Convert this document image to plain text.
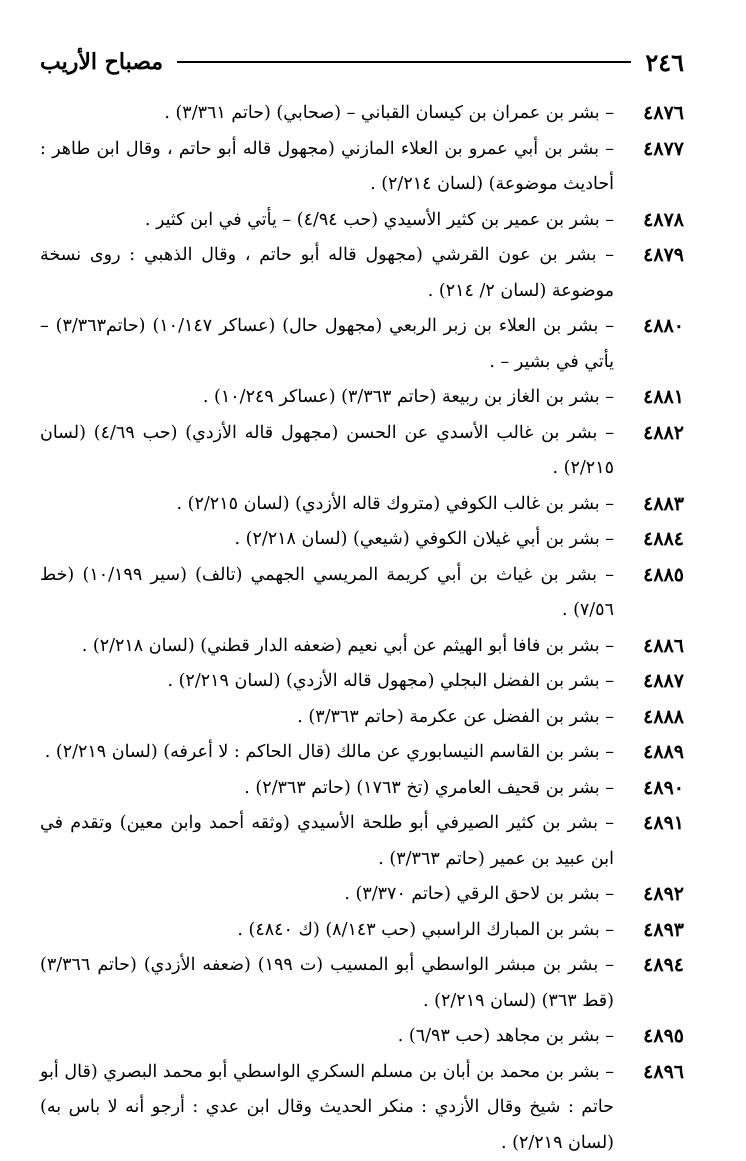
٢٤٦
مصباح الأريب
٤٨٧٦
– بشر بن عمران بن كيسان القباني – (صحابي) (حاتم ٣/٣٦١) .
٤٨٧٧
– بشر بن أبي عمرو بن العلاء المازني (مجهول قاله أبو حاتم ، وقال ابن طاهر : أحاديث موضوعة) (لسان ٢/٢١٤) .
٤٨٧٨
– بشر بن عمير بن كثير الأسيدي (حب ٤/٩٤) – يأتي في ابن كثير .
٤٨٧٩
– بشر بن عون القرشي (مجهول قاله أبو حاتم ، وقال الذهبي : روى نسخة موضوعة (لسان ٢/ ٢١٤) .
٤٨٨٠
– بشر بن العلاء بن زبر الربعي (مجهول حال) (عساكر ١٠/١٤٧) (حاتم٣/٣٦٣) – يأتي في بشير – .
٤٨٨١
– بشر بن الغاز بن ربيعة (حاتم ٣/٣٦٣) (عساكر ١٠/٢٤٩) .
٤٨٨٢
– بشر بن غالب الأسدي عن الحسن (مجهول قاله الأزدي) (حب ٤/٦٩) (لسان ٢/٢١٥) .
٤٨٨٣
– بشر بن غالب الكوفي (متروك قاله الأزدي) (لسان ٢/٢١٥) .
٤٨٨٤
– بشر بن أبي غيلان الكوفي (شيعي) (لسان ٢/٢١٨) .
٤٨٨٥
– بشر بن غياث بن أبي كريمة المريسي الجهمي (تالف) (سير ١٠/١٩٩) (خط ٧/٥٦) .
٤٨٨٦
– بشر بن فافا أبو الهيثم عن أبي نعيم (ضعفه الدار قطني) (لسان ٢/٢١٨) .
٤٨٨٧
– بشر بن الفضل البجلي (مجهول قاله الأزدي) (لسان ٢/٢١٩) .
٤٨٨٨
– بشر بن الفضل عن عكرمة (حاتم ٣/٣٦٣) .
٤٨٨٩
– بشر بن القاسم النيسابوري عن مالك (قال الحاكم : لا أعرفه) (لسان ٢/٢١٩) .
٤٨٩٠
– بشر بن قحيف العامري (تخ ١٧٦٣) (حاتم ٢/٣٦٣) .
٤٨٩١
– بشر بن كثير الصيرفي أبو طلحة الأسيدي (وثقه أحمد وابن معين) وتقدم في ابن عبيد بن عمير (حاتم ٣/٣٦٣) .
٤٨٩٢
– بشر بن لاحق الرقي (حاتم ٣/٣٧٠) .
٤٨٩٣
– بشر بن المبارك الراسبي (حب ٨/١٤٣) (ك ٤٨٤٠) .
٤٨٩٤
– بشر بن مبشر الواسطي أبو المسيب (ت ١٩٩) (ضعفه الأزدي) (حاتم ٣/٣٦٦) (قط ٣٦٣) (لسان ٢/٢١٩) .
٤٨٩٥
– بشر بن مجاهد (حب ٦/٩٣) .
٤٨٩٦
– بشر بن محمد بن أبان بن مسلم السكري الواسطي أبو محمد البصري (قال أبو حاتم : شيخ وقال الأزدي : منكر الحديث وقال ابن عدي : أرجو أنه لا باس به) (لسان ٢/٢١٩) .
